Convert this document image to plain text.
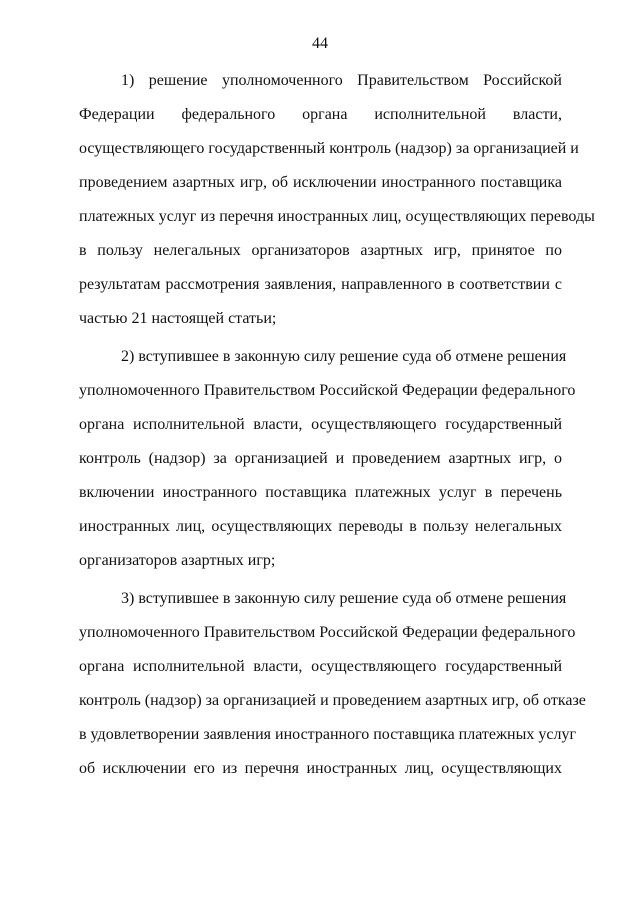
44
1) решение уполномоченного Правительством Российской
Федерации федерального органа исполнительной власти,
осуществляющего государственный контроль (надзор) за организацией и
проведением азартных игр, об исключении иностранного поставщика
платежных услуг из перечня иностранных лиц, осуществляющих переводы
в пользу нелегальных организаторов азартных игр, принятое по
результатам рассмотрения заявления, направленного в соответствии с
частью 21 настоящей статьи;
2) вступившее в законную силу решение суда об отмене решения
уполномоченного Правительством Российской Федерации федерального
органа исполнительной власти, осуществляющего государственный
контроль (надзор) за организацией и проведением азартных игр, о
включении иностранного поставщика платежных услуг в перечень
иностранных лиц, осуществляющих переводы в пользу нелегальных
организаторов азартных игр;
3) вступившее в законную силу решение суда об отмене решения
уполномоченного Правительством Российской Федерации федерального
органа исполнительной власти, осуществляющего государственный
контроль (надзор) за организацией и проведением азартных игр, об отказе
в удовлетворении заявления иностранного поставщика платежных услуг
об исключении его из перечня иностранных лиц, осуществляющих
